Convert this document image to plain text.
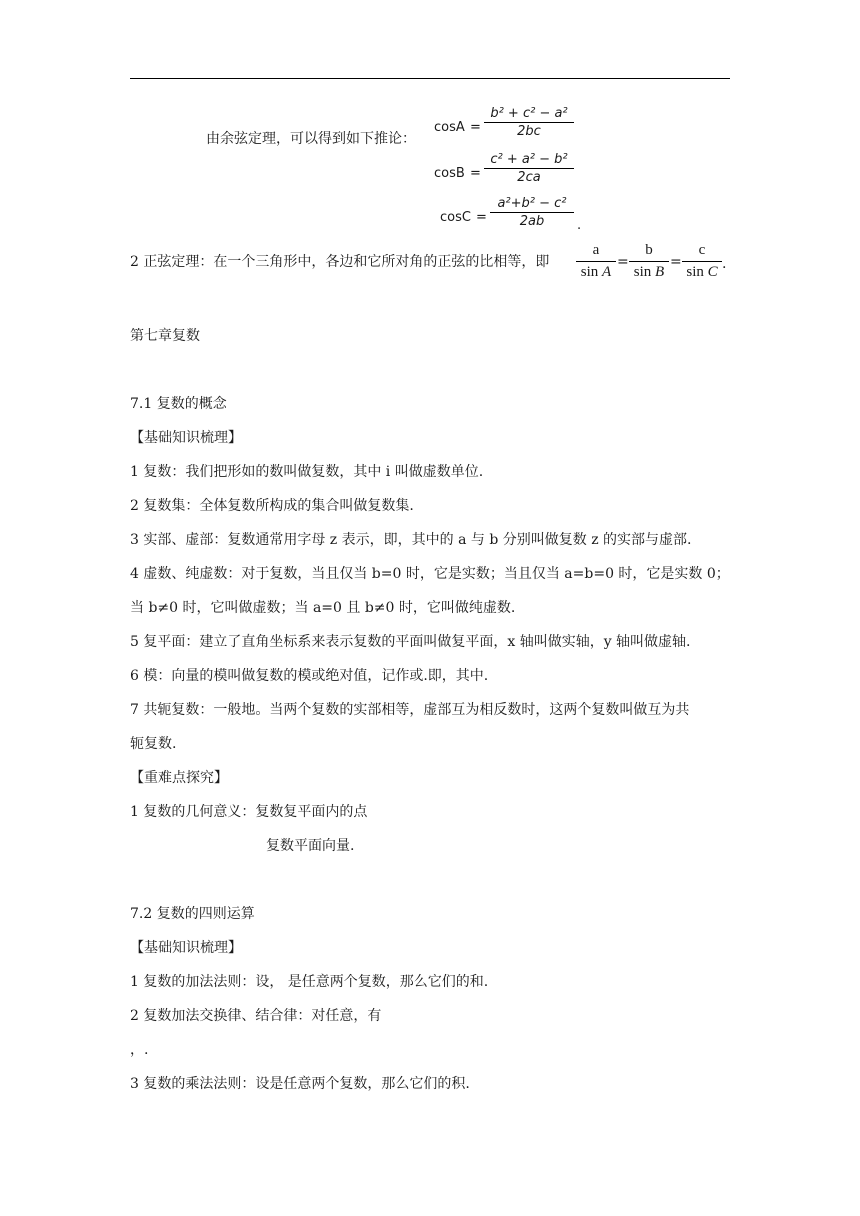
由余弦定理，可以得到如下推论：
cosA =
b² + c² − a²
2bc
cosB =
c² + a² − b²
2ca
cosC =
a²+b² − c²
2ab	.
2 正弦定理：在一个三角形中，各边和它所对角的正弦的比相等，即
a
sin A
=
b
sin B
=
c
sin C .
第七章复数
7.1 复数的概念
【基础知识梳理】
1 复数：我们把形如的数叫做复数，其中 i 叫做虚数单位.
2 复数集：全体复数所构成的集合叫做复数集.
3 实部、虚部：复数通常用字母 z 表示，即，其中的 a 与 b 分别叫做复数 z 的实部与虚部.
4 虚数、纯虚数：对于复数，当且仅当 b=0 时，它是实数；当且仅当 a=b=0 时，它是实数 0；
当 b≠0 时，它叫做虚数；当 a=0 且 b≠0 时，它叫做纯虚数.
5 复平面：建立了直角坐标系来表示复数的平面叫做复平面，x 轴叫做实轴，y 轴叫做虚轴.
6 模：向量的模叫做复数的模或绝对值，记作或.即，其中.
7 共轭复数：一般地。当两个复数的实部相等，虚部互为相反数时，这两个复数叫做互为共
轭复数.
【重难点探究】
1 复数的几何意义：复数复平面内的点
复数平面向量.
7.2 复数的四则运算
【基础知识梳理】
1 复数的加法法则：设， 是任意两个复数，那么它们的和.
2 复数加法交换律、结合律：对任意，有
，.
3 复数的乘法法则：设是任意两个复数，那么它们的积.
